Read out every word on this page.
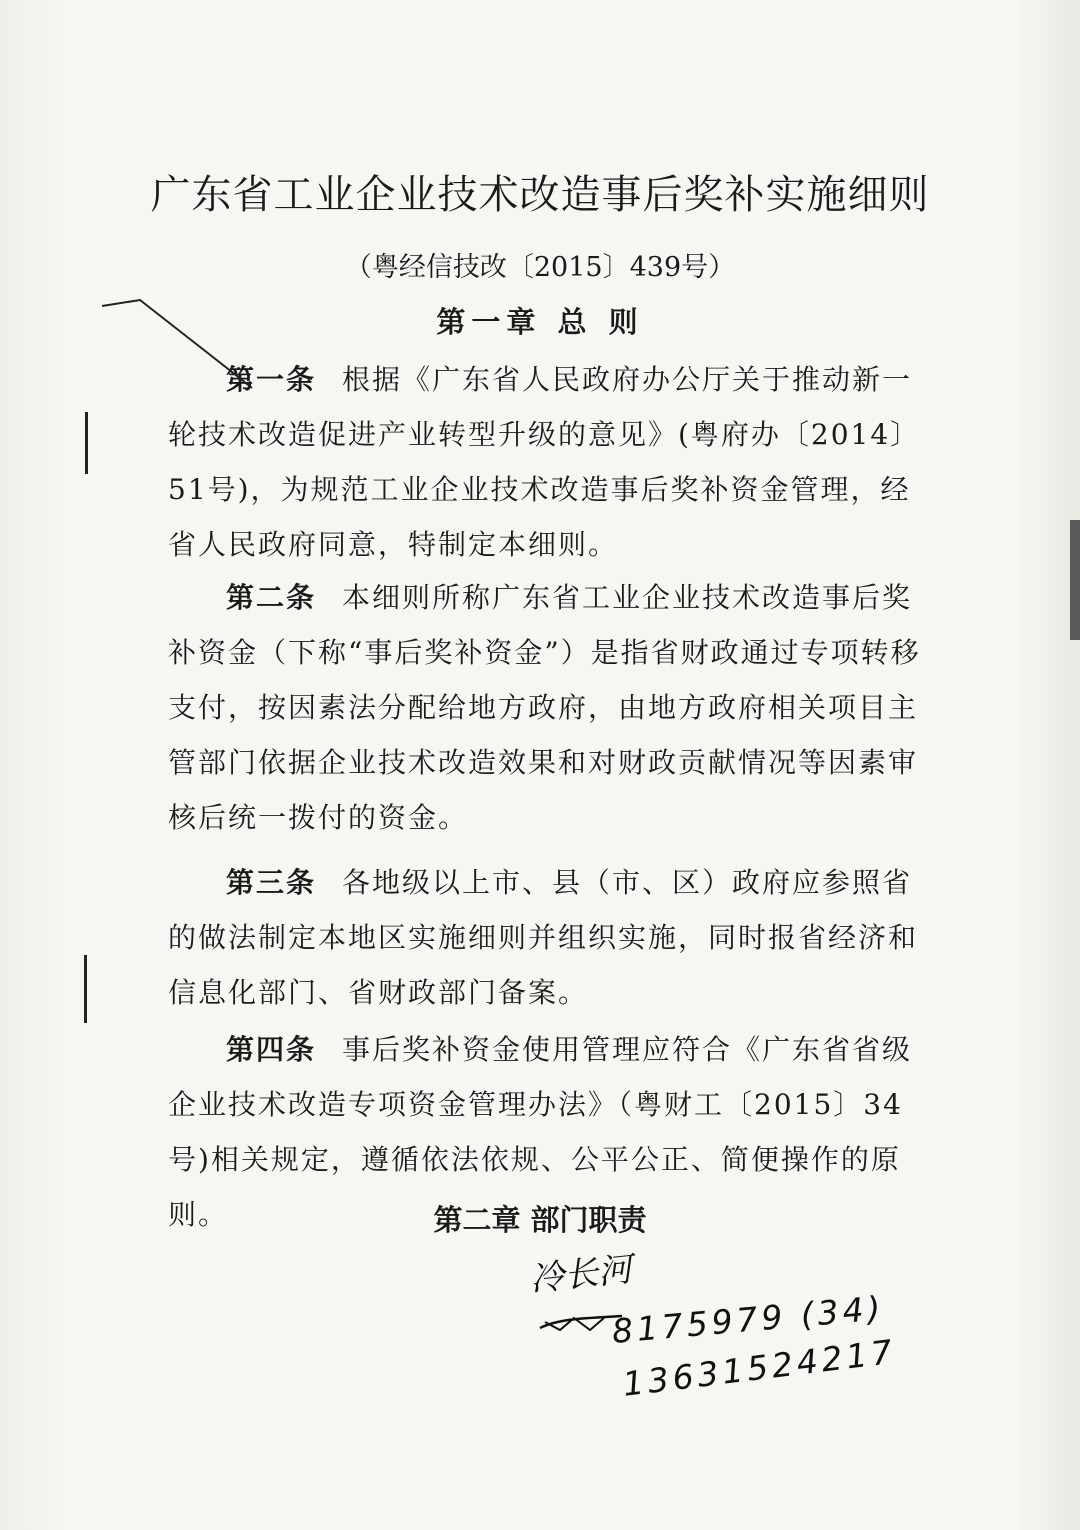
广东省工业企业技术改造事后奖补实施细则
（粤经信技改〔2015〕439号）
第一章 总 则

第一条 根据《广东省人民政府办公厅关于推动新一轮技术改造促进产业转型升级的意见》(粤府办〔2014〕51号)，为规范工业企业技术改造事后奖补资金管理，经省人民政府同意，特制定本细则。

第二条 本细则所称广东省工业企业技术改造事后奖补资金（下称“事后奖补资金”）是指省财政通过专项转移支付，按因素法分配给地方政府，由地方政府相关项目主管部门依据企业技术改造效果和对财政贡献情况等因素审核后统一拨付的资金。

第三条 各地级以上市、县（市、区）政府应参照省的做法制定本地区实施细则并组织实施，同时报省经济和信息化部门、省财政部门备案。

第四条 事后奖补资金使用管理应符合《广东省省级企业技术改造专项资金管理办法》（粤财工〔2015〕34号)相关规定，遵循依法依规、公平公正、简便操作的原则。	第二章 部门职责
冷长河
8175979 (34)
13631524217
